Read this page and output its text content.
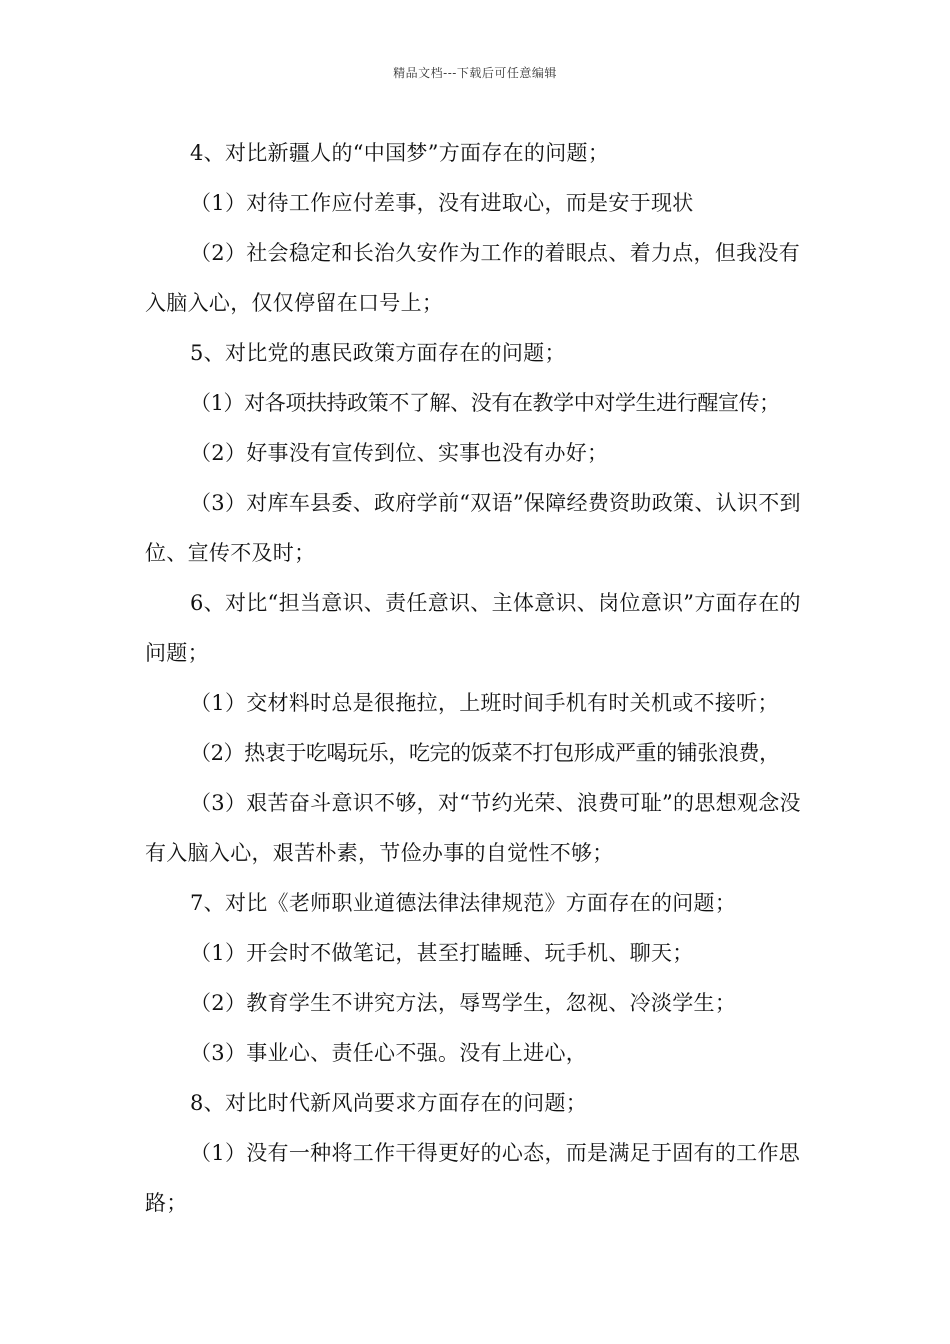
精品文档---下载后可任意编辑

4、对比新疆人的“中国梦”方面存在的问题；

（1）对待工作应付差事，没有进取心，而是安于现状

（2）社会稳定和长治久安作为工作的着眼点、着力点，但我没有入脑入心，仅仅停留在口号上；

5、对比党的惠民政策方面存在的问题；

（1）对各项扶持政策不了解、没有在教学中对学生进行醒宣传；

（2）好事没有宣传到位、实事也没有办好；

（3）对库车县委、政府学前“双语”保障经费资助政策、认识不到位、宣传不及时；

6、对比“担当意识、责任意识、主体意识、岗位意识”方面存在的问题；

（1）交材料时总是很拖拉，上班时间手机有时关机或不接听；

（2）热衷于吃喝玩乐，吃完的饭菜不打包形成严重的铺张浪费，

（3）艰苦奋斗意识不够，对“节约光荣、浪费可耻”的思想观念没有入脑入心，艰苦朴素，节俭办事的自觉性不够；

7、对比《老师职业道德法律法律规范》方面存在的问题；

（1）开会时不做笔记，甚至打瞌睡、玩手机、聊天；

（2）教育学生不讲究方法，辱骂学生，忽视、冷淡学生；

（3）事业心、责任心不强。没有上进心，

8、对比时代新风尚要求方面存在的问题；

（1）没有一种将工作干得更好的心态，而是满足于固有的工作思路；
